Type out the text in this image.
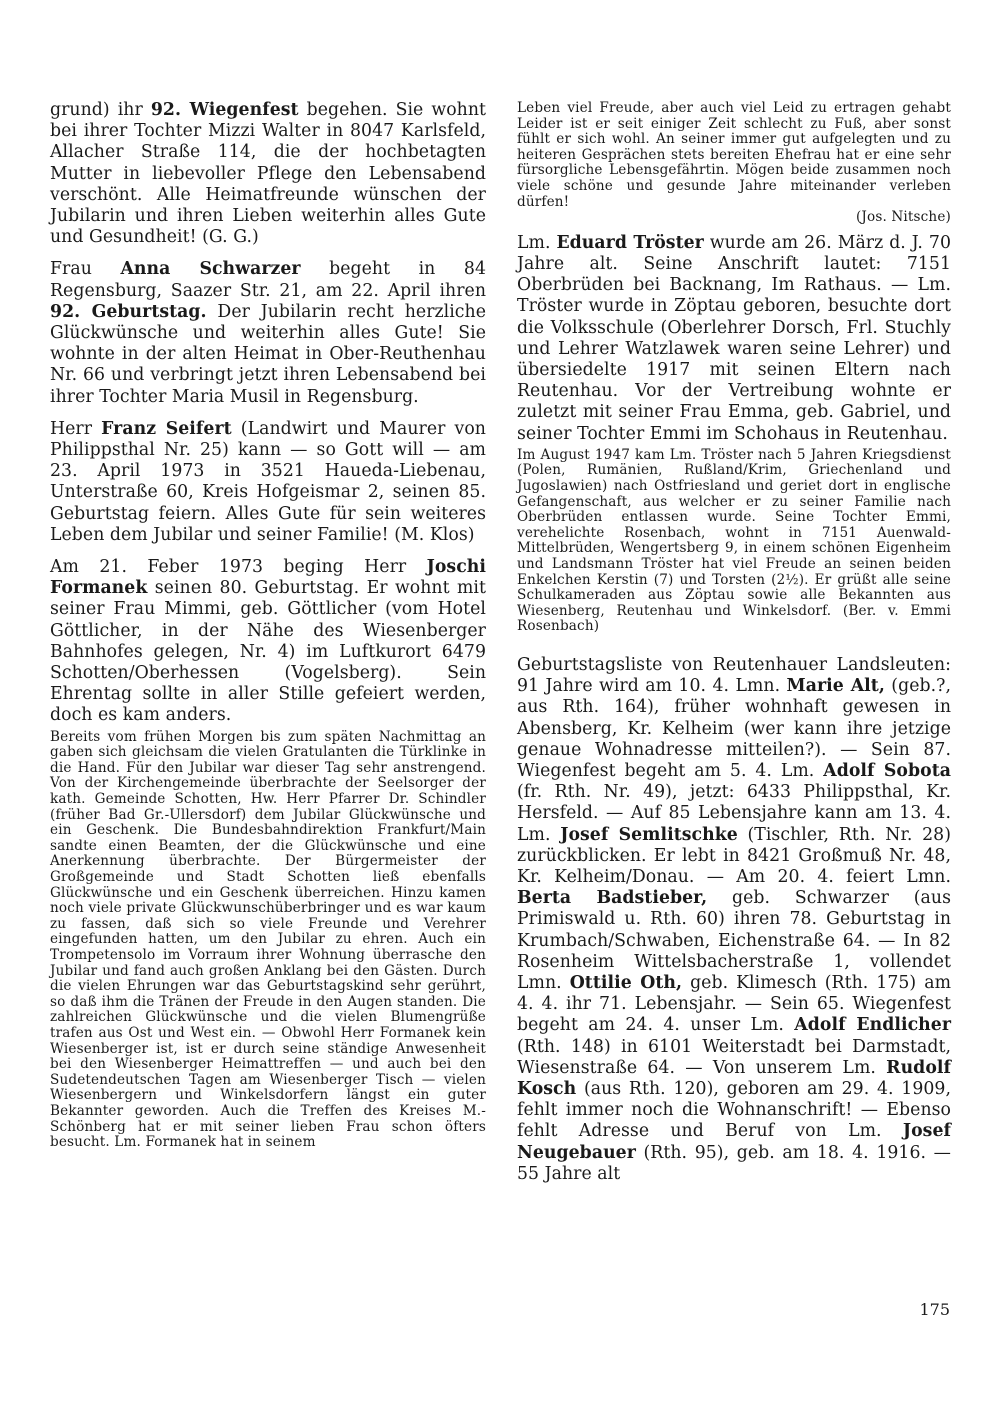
grund) ihr 92. Wiegenfest begehen. Sie wohnt bei ihrer Tochter Mizzi Walter in 8047 Karlsfeld, Allacher Straße 114, die der hochbetagten Mutter in liebevoller Pflege den Lebensabend verschönt. Alle Heimatfreunde wünschen der Jubilarin und ihren Lieben weiterhin alles Gute und Gesundheit! (G. G.)

Frau Anna Schwarzer begeht in 84 Regensburg, Saazer Str. 21, am 22. April ihren 92. Geburtstag. Der Jubilarin recht herzliche Glückwünsche und weiterhin alles Gute! Sie wohnte in der alten Heimat in Ober-Reuthenhau Nr. 66 und verbringt jetzt ihren Lebensabend bei ihrer Tochter Maria Musil in Regensburg.

Herr Franz Seifert (Landwirt und Maurer von Philippsthal Nr. 25) kann — so Gott will — am 23. April 1973 in 3521 Haueda-Liebenau, Unterstraße 60, Kreis Hofgeismar 2, seinen 85. Geburtstag feiern. Alles Gute für sein weiteres Leben dem Jubilar und seiner Familie! (M. Klos)

Am 21. Feber 1973 beging Herr Joschi Formanek seinen 80. Geburtstag. Er wohnt mit seiner Frau Mimmi, geb. Göttlicher (vom Hotel Göttlicher, in der Nähe des Wiesenberger Bahnhofes gelegen, Nr. 4) im Luftkurort 6479 Schotten/Oberhessen (Vogelsberg). Sein Ehrentag sollte in aller Stille gefeiert werden, doch es kam anders.

Bereits vom frühen Morgen bis zum späten Nachmittag an gaben sich gleichsam die vielen Gratulanten die Türklinke in die Hand. Für den Jubilar war dieser Tag sehr anstrengend. Von der Kirchengemeinde überbrachte der Seelsorger der kath. Gemeinde Schotten, Hw. Herr Pfarrer Dr. Schindler (früher Bad Gr.-Ullersdorf) dem Jubilar Glückwünsche und ein Geschenk. Die Bundesbahndirektion Frankfurt/Main sandte einen Beamten, der die Glückwünsche und eine Anerkennung überbrachte. Der Bürgermeister der Großgemeinde und Stadt Schotten ließ ebenfalls Glückwünsche und ein Geschenk überreichen. Hinzu kamen noch viele private Glückwunschüberbringer und es war kaum zu fassen, daß sich so viele Freunde und Verehrer eingefunden hatten, um den Jubilar zu ehren. Auch ein Trompetensolo im Vorraum ihrer Wohnung überrasche den Jubilar und fand auch großen Anklang bei den Gästen. Durch die vielen Ehrungen war das Geburtstagskind sehr gerührt, so daß ihm die Tränen der Freude in den Augen standen. Die zahlreichen Glückwünsche und die vielen Blumengrüße trafen aus Ost und West ein. — Obwohl Herr Formanek kein Wiesenberger ist, ist er durch seine ständige Anwesenheit bei den Wiesenberger Heimattreffen — und auch bei den Sudetendeutschen Tagen am Wiesenberger Tisch — vielen Wiesenbergern und Winkelsdorfern längst ein guter Bekannter geworden. Auch die Treffen des Kreises M.-Schönberg hat er mit seiner lieben Frau schon öfters besucht. Lm. Formanek hat in seinem

Leben viel Freude, aber auch viel Leid zu ertragen gehabt Leider ist er seit einiger Zeit schlecht zu Fuß, aber sonst fühlt er sich wohl. An seiner immer gut aufgelegten und zu heiteren Gesprächen stets bereiten Ehefrau hat er eine sehr fürsorgliche Lebensgefährtin. Mögen beide zusammen noch viele schöne und gesunde Jahre miteinander verleben dürfen!

(Jos. Nitsche)

Lm. Eduard Tröster wurde am 26. März d. J. 70 Jahre alt. Seine Anschrift lautet: 7151 Oberbrüden bei Backnang, Im Rathaus. — Lm. Tröster wurde in Zöptau geboren, besuchte dort die Volksschule (Oberlehrer Dorsch, Frl. Stuchly und Lehrer Watzlawek waren seine Lehrer) und übersiedelte 1917 mit seinen Eltern nach Reutenhau. Vor der Vertreibung wohnte er zuletzt mit seiner Frau Emma, geb. Gabriel, und seiner Tochter Emmi im Schohaus in Reutenhau.

Im August 1947 kam Lm. Tröster nach 5 Jahren Kriegsdienst (Polen, Rumänien, Rußland/Krim, Griechenland und Jugoslawien) nach Ostfriesland und geriet dort in englische Gefangenschaft, aus welcher er zu seiner Familie nach Oberbrüden entlassen wurde. Seine Tochter Emmi, verehelichte Rosenbach, wohnt in 7151 Auenwald-Mittelbrüden, Wengertsberg 9, in einem schönen Eigenheim und Landsmann Tröster hat viel Freude an seinen beiden Enkelchen Kerstin (7) und Torsten (2½). Er grüßt alle seine Schulkameraden aus Zöptau sowie alle Bekannten aus Wiesenberg, Reutenhau und Winkelsdorf. (Ber. v. Emmi Rosenbach)

Geburtstagsliste von Reutenhauer Landsleuten: 91 Jahre wird am 10. 4. Lmn. Marie Alt, (geb.?, aus Rth. 164), früher wohnhaft gewesen in Abensberg, Kr. Kelheim (wer kann ihre jetzige genaue Wohnadresse mitteilen?). — Sein 87. Wiegenfest begeht am 5. 4. Lm. Adolf Sobota (fr. Rth. Nr. 49), jetzt: 6433 Philippsthal, Kr. Hersfeld. — Auf 85 Lebensjahre kann am 13. 4. Lm. Josef Semlitschke (Tischler, Rth. Nr. 28) zurückblicken. Er lebt in 8421 Großmuß Nr. 48, Kr. Kelheim/Donau. — Am 20. 4. feiert Lmn. Berta Badstieber, geb. Schwarzer (aus Primiswald u. Rth. 60) ihren 78. Geburtstag in Krumbach/Schwaben, Eichenstraße 64. — In 82 Rosenheim Wittelsbacherstraße 1, vollendet Lmn. Ottilie Oth, geb. Klimesch (Rth. 175) am 4. 4. ihr 71. Lebensjahr. — Sein 65. Wiegenfest begeht am 24. 4. unser Lm. Adolf Endlicher (Rth. 148) in 6101 Weiterstadt bei Darmstadt, Wiesenstraße 64. — Von unserem Lm. Rudolf Kosch (aus Rth. 120), geboren am 29. 4. 1909, fehlt immer noch die Wohnanschrift! — Ebenso fehlt Adresse und Beruf von Lm. Josef Neugebauer (Rth. 95), geb. am 18. 4. 1916. — 55 Jahre alt

175
